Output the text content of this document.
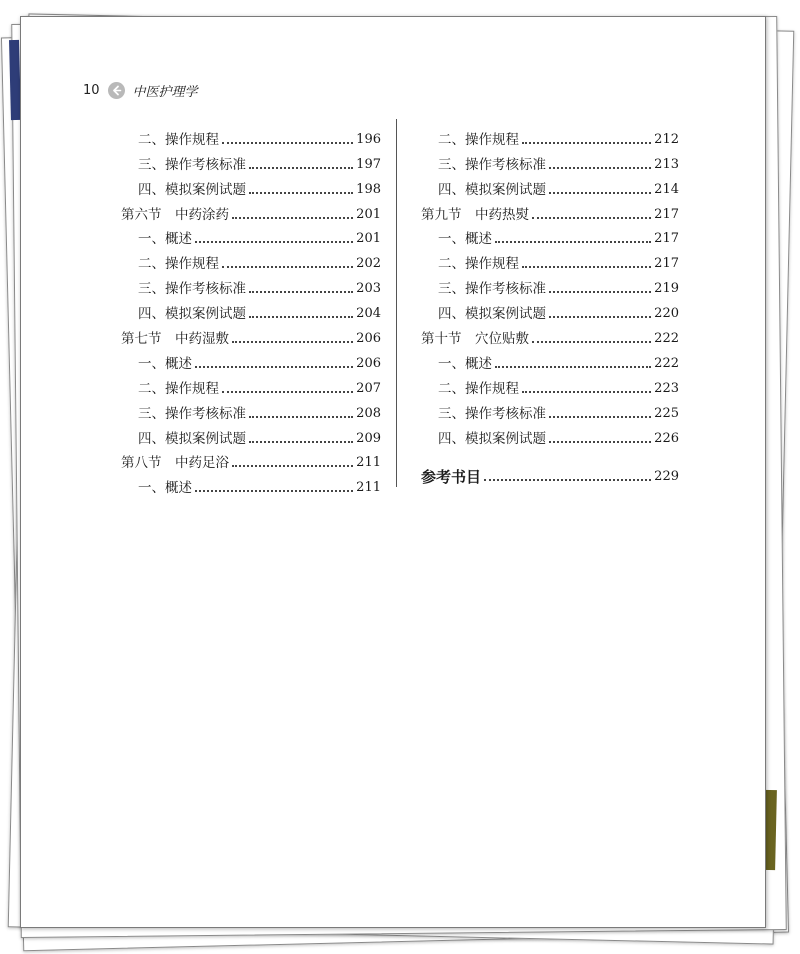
10	中医护理学
二、操作规程	196
三、操作考核标准	197
四、模拟案例试题	198
第六节　中药涂药	201
一、概述	201
二、操作规程	202
三、操作考核标准	203
四、模拟案例试题	204
第七节　中药湿敷	206
一、概述	206
二、操作规程	207
三、操作考核标准	208
四、模拟案例试题	209
第八节　中药足浴	211
一、概述	211
二、操作规程	212
三、操作考核标准	213
四、模拟案例试题	214
第九节　中药热熨	217
一、概述	217
二、操作规程	217
三、操作考核标准	219
四、模拟案例试题	220
第十节　穴位贴敷	222
一、概述	222
二、操作规程	223
三、操作考核标准	225
四、模拟案例试题	226
参考书目	229
